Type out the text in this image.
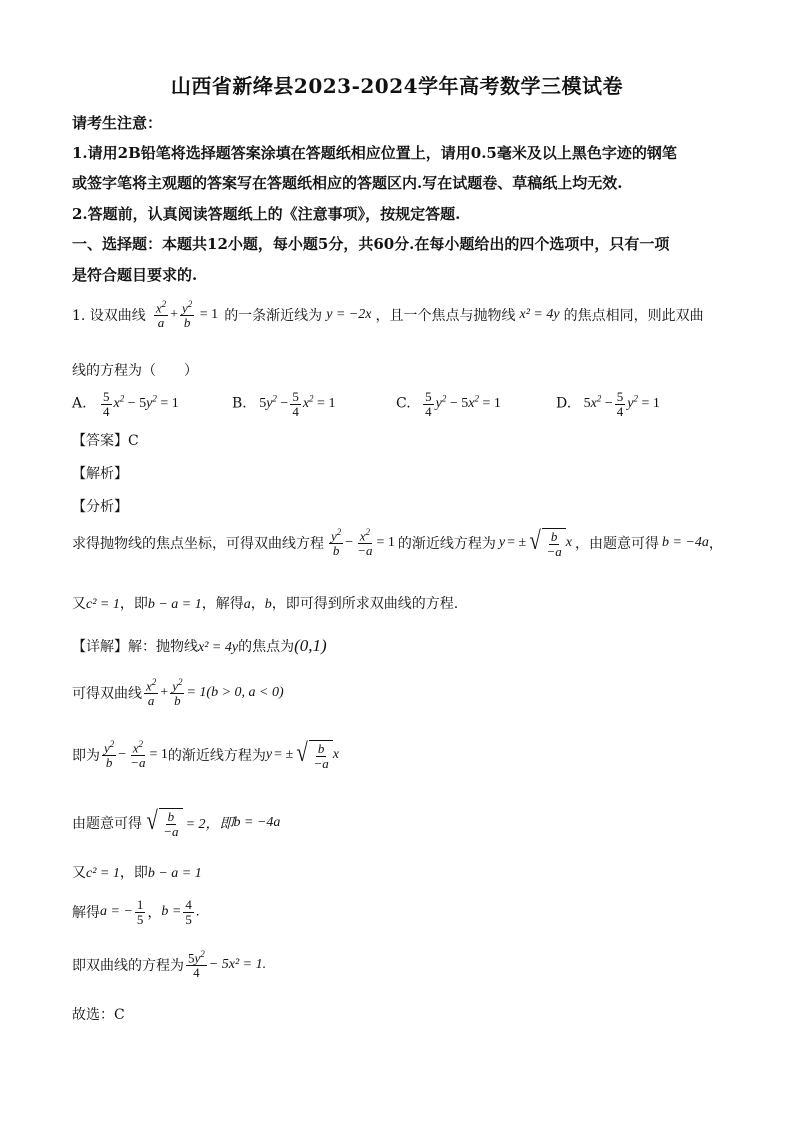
山西省新绛县2023-2024学年高考数学三模试卷
请考生注意：
1.请用2B铅笔将选择题答案涂填在答题纸相应位置上，请用0.5毫米及以上黑色字迹的钢笔
或签字笔将主观题的答案写在答题纸相应的答题区内.写在试题卷、草稿纸上均无效.
2.答题前，认真阅读答题纸上的《注意事项》，按规定答题.
一、选择题：本题共12小题，每小题5分，共60分.在每小题给出的四个选项中，只有一项
是符合题目要求的.
1. 设双曲线 $\frac{x^2}{a} + \frac{y^2}{b} = 1$ 的一条渐近线为 y = −2x ，且一个焦点与抛物线 x² = 4y 的焦点相同，则此双曲
线的方程为（　　）
A. $\frac{5}{4} x^2 - 5y^2 = 1$	B. $5y^2 - \frac{5}{4} x^2 = 1$	C. $\frac{5}{4} y^2 - 5x^2 = 1$	D. $5x^2 - \frac{5}{4} y^2 = 1$
【答案】C
【解析】
【分析】
求得抛物线的焦点坐标，可得双曲线方程 $\frac{y^2}{b} - \frac{x^2}{-a} = 1$ 的渐近线方程为 y = ± √ $\frac{b}{-a}$ x ，由题意可得 b = −4a ，
又c² = 1，即b − a = 1，解得a，b，即可得到所求双曲线的方程.
【详解】解：抛物线x² = 4y的焦点为(0,1)
可得双曲线 $\frac{x^2}{a} + \frac{y^2}{b} = 1(b > 0$, a < 0)
即为 $\frac{y^2}{b} - \frac{x^2}{-a} = 1$ 的渐近线方程为 y = ± √ $\frac{b}{-a}$ x
由题意可得 √ $\frac{b}{-a} = 2$，即 b = −4a
又c² = 1，即b − a = 1
解得 a = − $\frac{1}{5}$ ， $b = \frac{4}{5}$ .
即双曲线的方程为 $\frac{5y^2}{4} - 5x^2 = 1$.
故选：C
